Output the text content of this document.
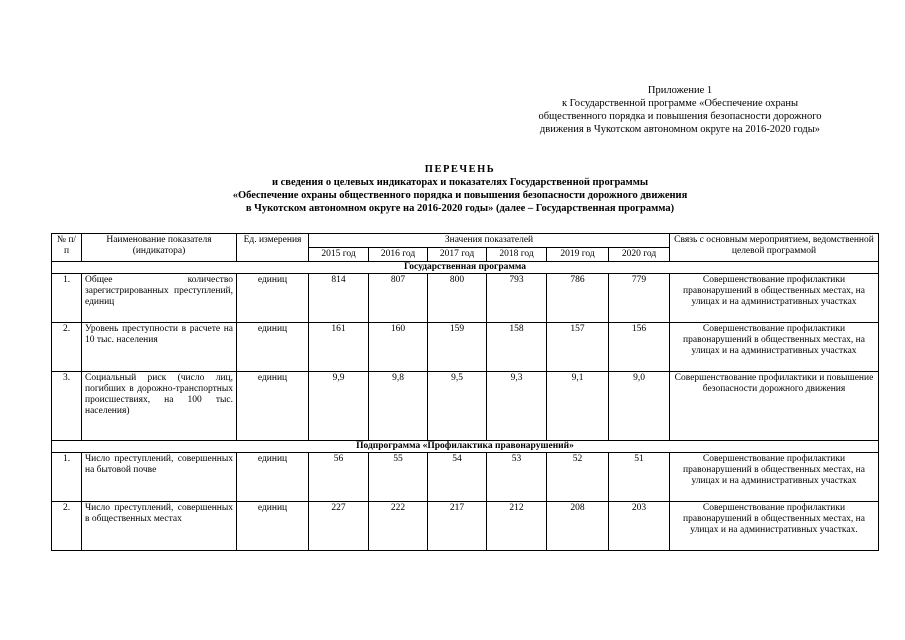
Приложение 1
к Государственной программе «Обеспечение охраны
общественного порядка и повышения безопасности дорожного
движения в Чукотском автономном округе на 2016-2020 годы»
ПЕРЕЧЕНЬ
и сведения о целевых индикаторах и показателях Государственной программы
«Обеспечение охраны общественного порядка и повышения безопасности дорожного движения
в Чукотском автономном округе на 2016-2020 годы» (далее – Государственная программа)
№ п/п	Наименование показателя (индикатора)	Ед. измерения	Значения показателей						Связь с основным мероприятием, ведомственной целевой программой
			2015 год	2016 год	2017 год	2018 год	2019 год	2020 год	
Государственная программа									
1.	Общее количество зарегистрированных преступлений, единиц	единиц	814	807	800	793	786	779	Совершенствование профилактики правонарушений в общественных местах, на улицах и на административных участках
2.	Уровень преступности в расчете на 10 тыс. населения	единиц	161	160	159	158	157	156	Совершенствование профилактики правонарушений в общественных местах, на улицах и на административных участках
3.	Социальный риск (число лиц, погибших в дорожно-транспортных происшествиях, на 100 тыс. населения)	единиц	9,9	9,8	9,5	9,3	9,1	9,0	Совершенствование профилактики и повышение безопасности дорожного движения
Подпрограмма «Профилактика правонарушений»									
1.	Число преступлений, совершенных на бытовой почве	единиц	56	55	54	53	52	51	Совершенствование профилактики правонарушений в общественных местах, на улицах и на административных участках
2.	Число преступлений, совершенных в общественных местах	единиц	227	222	217	212	208	203	Совершенствование профилактики правонарушений в общественных местах, на улицах и на административных участках.
